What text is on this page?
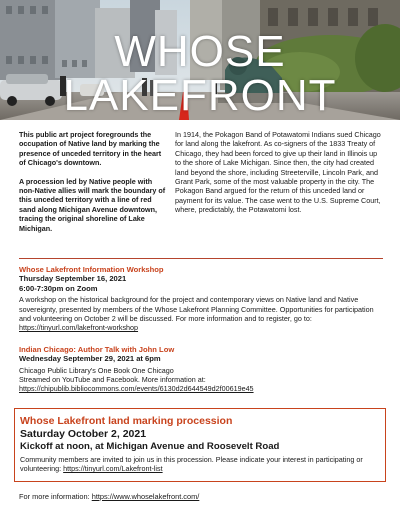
WHOSE LAKEFRONT

This public art project foregrounds the occupation of Native land by marking the presence of unceded territory in the heart of Chicago's downtown.

A procession led by Native people with non-Native allies will mark the boundary of this unceded territory with a line of red sand along Michigan Avenue downtown, tracing the original shoreline of Lake Michigan.

In 1914, the Pokagon Band of Potawatomi Indians sued Chicago for land along the lakefront. As co-signers of the 1833 Treaty of Chicago, they had been forced to give up their land in Illinois up to the shore of Lake Michigan. Since then, the city had created land beyond the shore, including Streeterville, Lincoln Park, and Grant Park, some of the most valuable property in the city. The Pokagon Band argued for the return of this unceded land or payment for its value. The case went to the U.S. Supreme Court, where, predictably, the Potawatomi lost.
Whose Lakefront Information Workshop
Thursday September 16, 2021
6:00-7:30pm on Zoom
A workshop on the historical background for the project and contemporary views on Native land and Native sovereignty, presented by members of the Whose Lakefront Planning Committee. Opportunities for participation and volunteering on October 2 will be discussed. For more information and to register, go to: https://tinyurl.com/lakefront-workshop
Indian Chicago: Author Talk with John Low
Wednesday September 29, 2021 at 6pm
Chicago Public Library's One Book One Chicago
Streamed on YouTube and Facebook. More information at:
https://chipublib.bibliocommons.com/events/6130d2d644549d2f00619e45
Whose Lakefront land marking procession
Saturday October 2, 2021
Kickoff at noon, at Michigan Avenue and Roosevelt Road
Community members are invited to join us in this procession. Please indicate your interest in participating or volunteering: https://tinyurl.com/Lakefront-list
For more information: https://www.whoselakefront.com/
